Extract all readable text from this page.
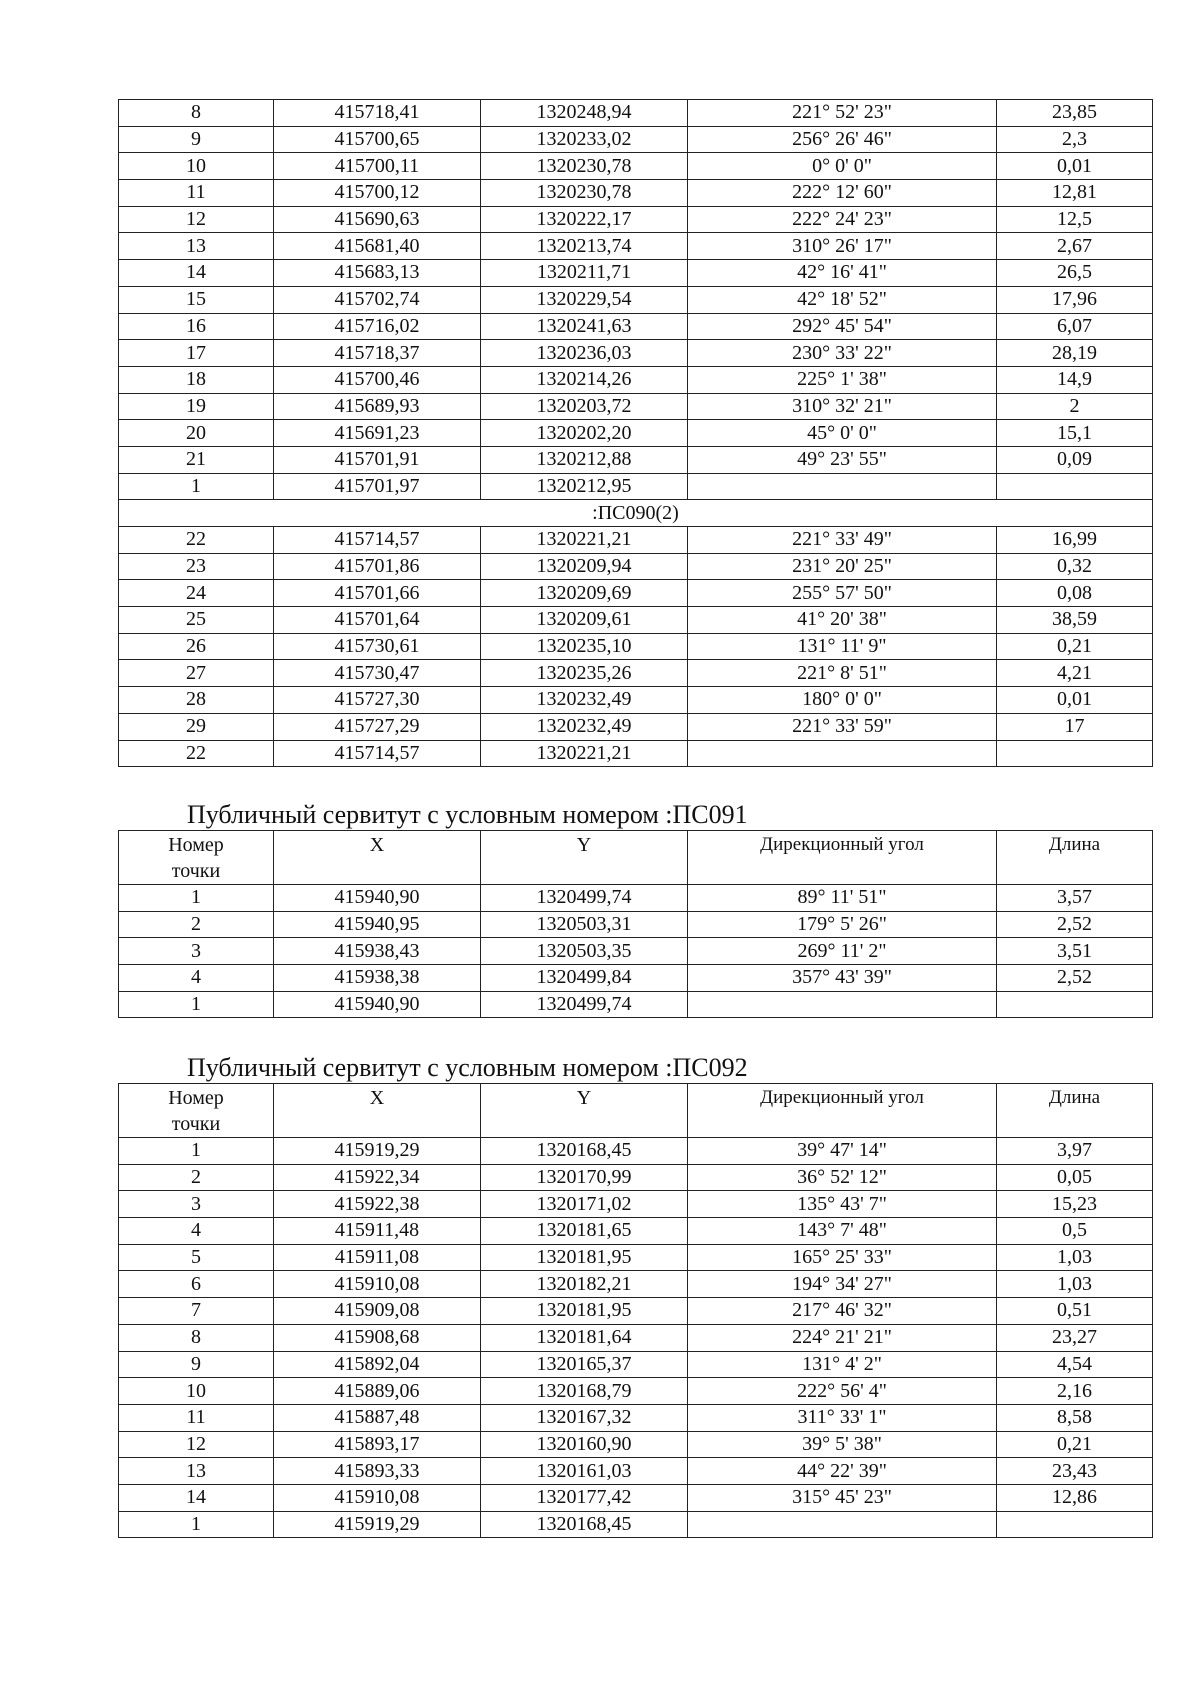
8	415718,41	1320248,94	221° 52' 23"	23,85
9	415700,65	1320233,02	256° 26' 46"	2,3
10	415700,11	1320230,78	0° 0' 0"	0,01
11	415700,12	1320230,78	222° 12' 60"	12,81
12	415690,63	1320222,17	222° 24' 23"	12,5
13	415681,40	1320213,74	310° 26' 17"	2,67
14	415683,13	1320211,71	42° 16' 41"	26,5
15	415702,74	1320229,54	42° 18' 52"	17,96
16	415716,02	1320241,63	292° 45' 54"	6,07
17	415718,37	1320236,03	230° 33' 22"	28,19
18	415700,46	1320214,26	225° 1' 38"	14,9
19	415689,93	1320203,72	310° 32' 21"	2
20	415691,23	1320202,20	45° 0' 0"	15,1
21	415701,91	1320212,88	49° 23' 55"	0,09
1	415701,97	1320212,95		
:ПС090(2)				
22	415714,57	1320221,21	221° 33' 49"	16,99
23	415701,86	1320209,94	231° 20' 25"	0,32
24	415701,66	1320209,69	255° 57' 50"	0,08
25	415701,64	1320209,61	41° 20' 38"	38,59
26	415730,61	1320235,10	131° 11' 9"	0,21
27	415730,47	1320235,26	221° 8' 51"	4,21
28	415727,30	1320232,49	180° 0' 0"	0,01
29	415727,29	1320232,49	221° 33' 59"	17
22	415714,57	1320221,21		
Публичный сервитут с условным номером :ПС091
Номер
точки	X	Y	Дирекционный угол	Длина
1	415940,90	1320499,74	89° 11' 51"	3,57
2	415940,95	1320503,31	179° 5' 26"	2,52
3	415938,43	1320503,35	269° 11' 2"	3,51
4	415938,38	1320499,84	357° 43' 39"	2,52
1	415940,90	1320499,74		
Публичный сервитут с условным номером :ПС092
Номер
точки	X	Y	Дирекционный угол	Длина
1	415919,29	1320168,45	39° 47' 14"	3,97
2	415922,34	1320170,99	36° 52' 12"	0,05
3	415922,38	1320171,02	135° 43' 7"	15,23
4	415911,48	1320181,65	143° 7' 48"	0,5
5	415911,08	1320181,95	165° 25' 33"	1,03
6	415910,08	1320182,21	194° 34' 27"	1,03
7	415909,08	1320181,95	217° 46' 32"	0,51
8	415908,68	1320181,64	224° 21' 21"	23,27
9	415892,04	1320165,37	131° 4' 2"	4,54
10	415889,06	1320168,79	222° 56' 4"	2,16
11	415887,48	1320167,32	311° 33' 1"	8,58
12	415893,17	1320160,90	39° 5' 38"	0,21
13	415893,33	1320161,03	44° 22' 39"	23,43
14	415910,08	1320177,42	315° 45' 23"	12,86
1	415919,29	1320168,45		
